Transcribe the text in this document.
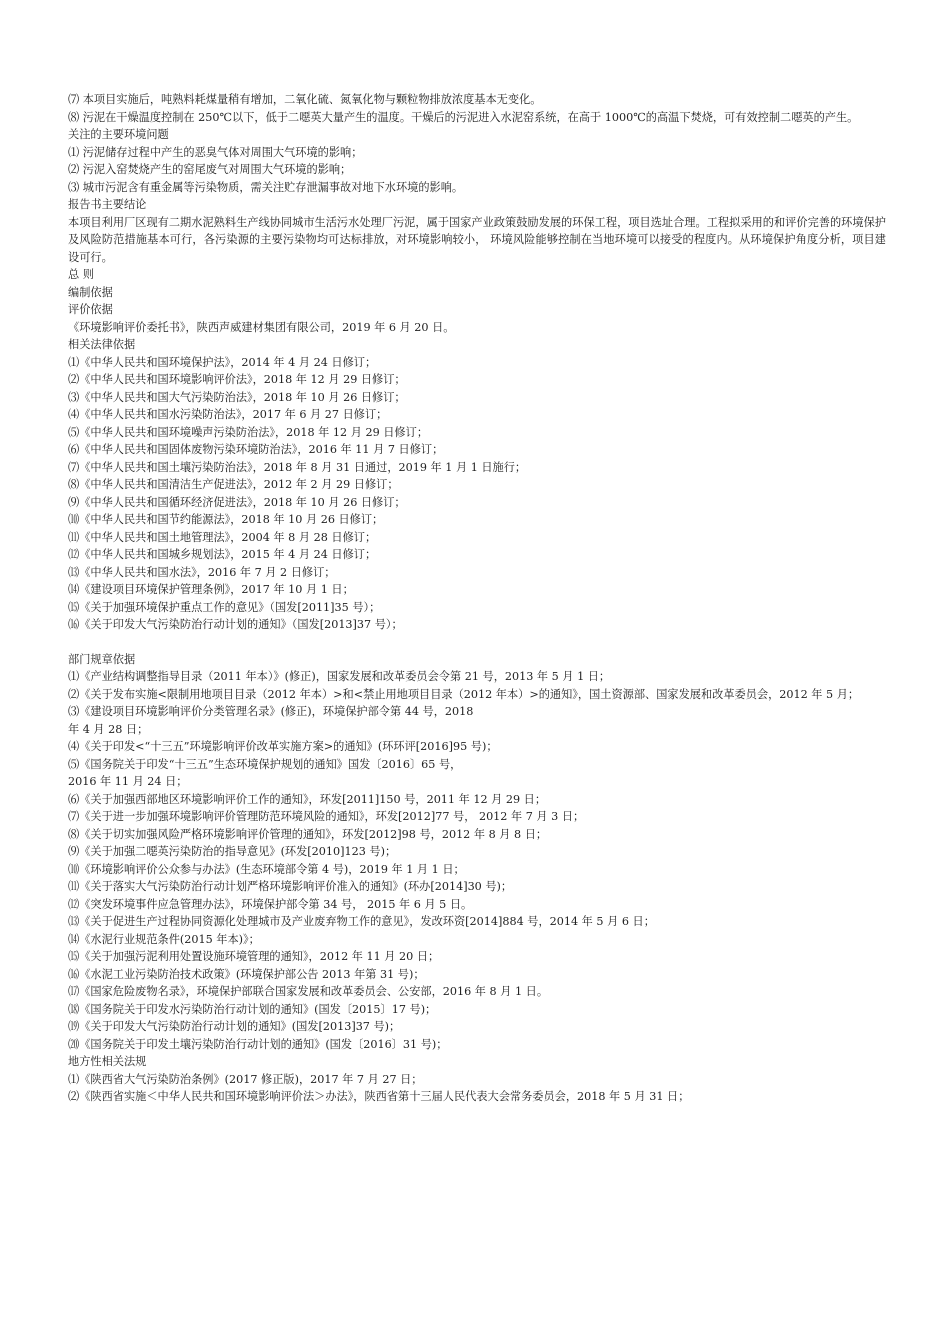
⑺ 本项目实施后，吨熟料耗煤量稍有增加，二氧化硫、氮氧化物与颗粒物排放浓度基本无变化。
⑻ 污泥在干燥温度控制在 250℃以下，低于二噁英大量产生的温度。干燥后的污泥进入水泥窑系统，在高于 1000℃的高温下焚烧，可有效控制二噁英的产生。
关注的主要环境问题
⑴ 污泥储存过程中产生的恶臭气体对周围大气环境的影响；
⑵ 污泥入窑焚烧产生的窑尾废气对周围大气环境的影响；
⑶ 城市污泥含有重金属等污染物质，需关注贮存泄漏事故对地下水环境的影响。
报告书主要结论
本项目利用厂区现有二期水泥熟料生产线协同城市生活污水处理厂污泥，属于国家产业政策鼓励发展的环保工程，项目选址合理。工程拟采用的和评价完善的环境保护及风险防范措施基本可行，各污染源的主要污染物均可达标排放，对环境影响较小， 环境风险能够控制在当地环境可以接受的程度内。从环境保护角度分析，项目建设可行。
总 则
编制依据
评价依据
《环境影响评价委托书》，陕西声威建材集团有限公司，2019 年 6 月 20 日。
相关法律依据
⑴《中华人民共和国环境保护法》，2014 年 4 月 24 日修订；
⑵《中华人民共和国环境影响评价法》，2018 年 12 月 29 日修订；
⑶《中华人民共和国大气污染防治法》，2018 年 10 月 26 日修订；
⑷《中华人民共和国水污染防治法》，2017 年 6 月 27 日修订；
⑸《中华人民共和国环境噪声污染防治法》，2018 年 12 月 29 日修订；
⑹《中华人民共和国固体废物污染环境防治法》，2016 年 11 月 7 日修订；
⑺《中华人民共和国土壤污染防治法》，2018 年 8 月 31 日通过，2019 年 1 月 1 日施行；
⑻《中华人民共和国清洁生产促进法》，2012 年 2 月 29 日修订；
⑼《中华人民共和国循环经济促进法》，2018 年 10 月 26 日修订；
⑽《中华人民共和国节约能源法》，2018 年 10 月 26 日修订；
⑾《中华人民共和国土地管理法》，2004 年 8 月 28 日修订；
⑿《中华人民共和国城乡规划法》，2015 年 4 月 24 日修订；
⒀《中华人民共和国水法》，2016 年 7 月 2 日修订；
⒁《建设项目环境保护管理条例》，2017 年 10 月 1 日；
⒂《关于加强环境保护重点工作的意见》（国发[2011]35 号）；
⒃《关于印发大气污染防治行动计划的通知》（国发[2013]37 号）；
部门规章依据
⑴《产业结构调整指导目录（2011 年本）》(修正)，国家发展和改革委员会令第 21 号，2013 年 5 月 1 日；
⑵《关于发布实施<限制用地项目目录（2012 年本）>和<禁止用地项目目录（2012 年本）>的通知》，国土资源部、国家发展和改革委员会，2012 年 5 月；
⑶《建设项目环境影响评价分类管理名录》(修正)，环境保护部令第 44 号，2018
年 4 月 28 日；
⑷《关于印发<“十三五”环境影响评价改革实施方案>的通知》(环环评[2016]95 号)；
⑸《国务院关于印发“十三五”生态环境保护规划的通知》国发〔2016〕65 号，
2016 年 11 月 24 日；
⑹《关于加强西部地区环境影响评价工作的通知》，环发[2011]150 号，2011 年 12 月 29 日；
⑺《关于进一步加强环境影响评价管理防范环境风险的通知》，环发[2012]77 号， 2012 年 7 月 3 日；
⑻《关于切实加强风险严格环境影响评价管理的通知》，环发[2012]98 号，2012 年 8 月 8 日；
⑼《关于加强二噁英污染防治的指导意见》(环发[2010]123 号)；
⑽《环境影响评价公众参与办法》(生态环境部令第 4 号)，2019 年 1 月 1 日；
⑾《关于落实大气污染防治行动计划严格环境影响评价准入的通知》(环办[2014]30 号)；
⑿《突发环境事件应急管理办法》，环境保护部令第 34 号， 2015 年 6 月 5 日。
⒀《关于促进生产过程协同资源化处理城市及产业废弃物工作的意见》，发改环资[2014]884 号，2014 年 5 月 6 日；
⒁《水泥行业规范条件(2015 年本)》；
⒂《关于加强污泥利用处置设施环境管理的通知》，2012 年 11 月 20 日；
⒃《水泥工业污染防治技术政策》(环境保护部公告 2013 年第 31 号)；
⒄《国家危险废物名录》，环境保护部联合国家发展和改革委员会、公安部，2016 年 8 月 1 日。
⒅《国务院关于印发水污染防治行动计划的通知》(国发〔2015〕17 号)；
⒆《关于印发大气污染防治行动计划的通知》(国发[2013]37 号)；
⒇《国务院关于印发土壤污染防治行动计划的通知》(国发〔2016〕31 号)；
地方性相关法规
⑴《陕西省大气污染防治条例》(2017 修正版)，2017 年 7 月 27 日；
⑵《陕西省实施＜中华人民共和国环境影响评价法＞办法》，陕西省第十三届人民代表大会常务委员会，2018 年 5 月 31 日；
